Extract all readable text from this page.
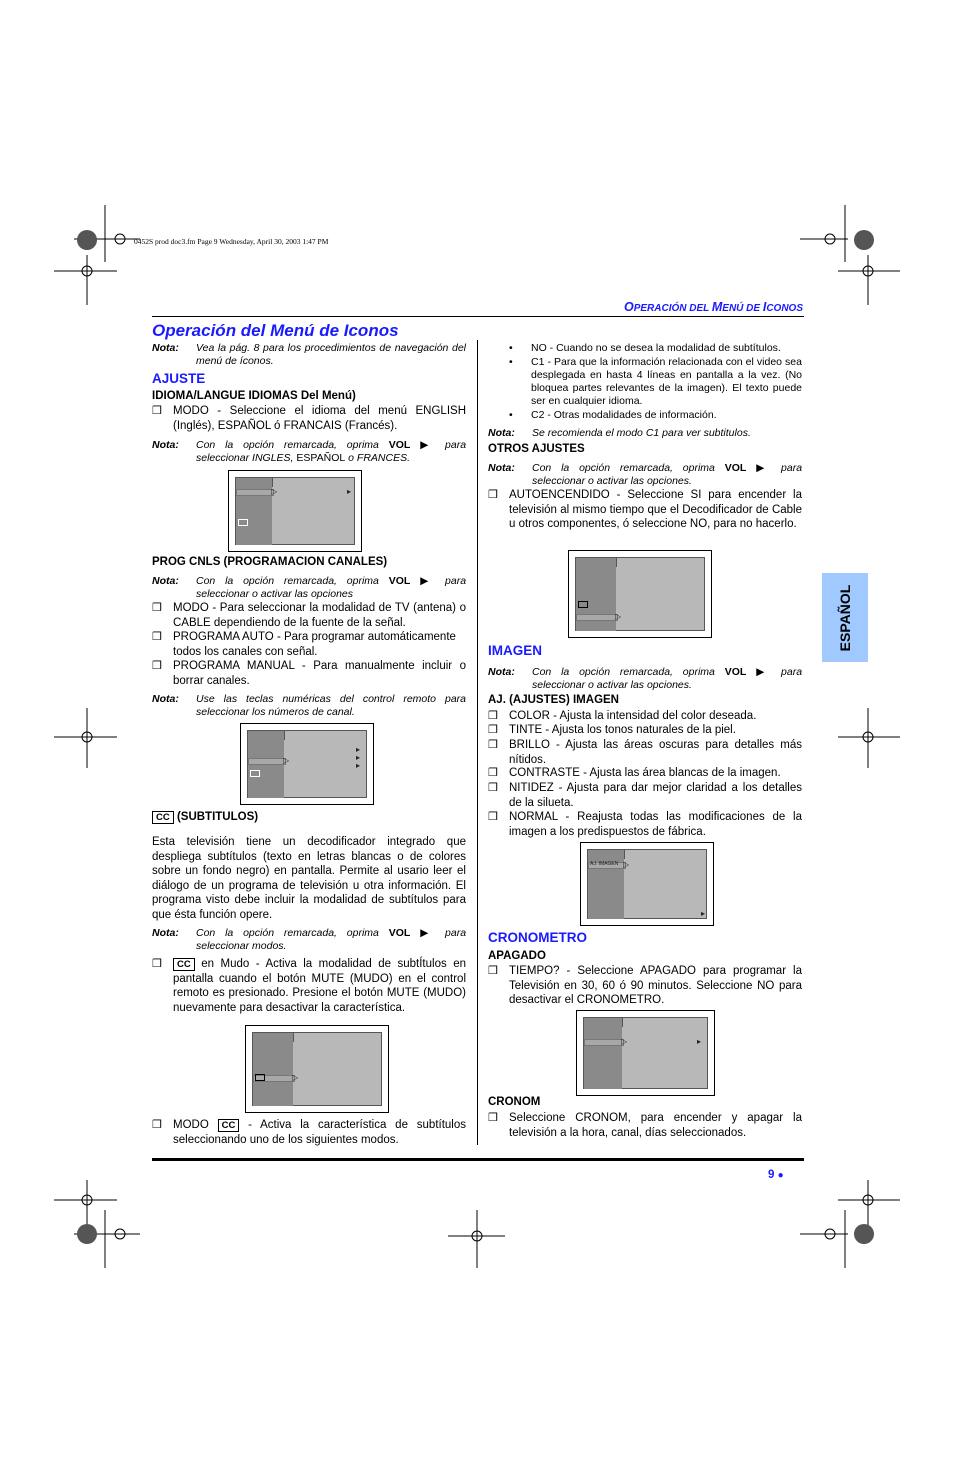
0452S prod doc3.fm Page 9 Wednesday, April 30, 2003 1:47 PM
OPERACIÓN DEL MENÚ DE ICONOS
Operación del Menú de Iconos
Nota: Vea la pág. 8 para los procedimientos de navegación del menú de íconos.
AJUSTE
IDIOMA/LANGUE IDIOMAS Del Menú)
❒ MODO - Seleccione el idioma del menú ENGLISH (Inglés), ESPAÑOL ó FRANCAIS (Francés).
Nota: Con la opción remarcada, oprima VOL ▶ para seleccionar INGLES, ESPAÑOL o FRANCES.
▷	▸
PROG CNLS (PROGRAMACION CANALES)
Nota: Con la opción remarcada, oprima VOL ▶ para seleccionar o activar las opciones
❒ MODO - Para seleccionar la modalidad de TV (antena) o CABLE dependiendo de la fuente de la señal.
❒ PROGRAMA AUTO - Para programar automáticamente todos los canales con señal.
❒ PROGRAMA MANUAL - Para manualmente incluir o borrar canales.
Nota: Use las teclas numéricas del control remoto para seleccionar los números de canal.
▷
▸
▸
▸
CC (SUBTITULOS)
Esta televisión tiene un decodificador integrado que despliega subtítulos (texto en letras blancas o de colores sobre un fondo negro) en pantalla. Permite al usario leer el diálogo de un programa de televisión u otra información. El programa visto debe incluir la modalidad de subtítulos para que ésta función opere.
Nota: Con la opción remarcada, oprima VOL ▶ para seleccionar modos.
❒	CC en Mudo - Activa la modalidad de subtÍtulos en pantalla cuando el botón MUTE (MUDO) en el control remoto es presionado. Presione el botón MUTE (MUDO) nuevamente para desactivar la característica.
▷
❒ MODO CC - Activa la característica de subtítulos seleccionando uno de los siguientes modos.
• NO - Cuando no se desea la modalidad de subtítulos.
• C1 - Para que la información relacionada con el video sea desplegada en hasta 4 líneas en pantalla a la vez. (No bloquea partes relevantes de la imagen). El texto puede ser en cualquier idioma.
• C2 - Otras modalidades de información.
Nota: Se recomienda el modo C1 para ver subtitulos.
OTROS AJUSTES
Nota: Con la opción remarcada, oprima VOL ▶ para seleccionar o activar las opciones.
❒ AUTOENCENDIDO - Seleccione SI para encender la televisión al mismo tiempo que el Decodificador de Cable u otros componentes, ó seleccione NO, para no hacerlo.
▷
IMAGEN
Nota: Con la opción remarcada, oprima VOL ▶ para seleccionar o activar las opciones.
AJ. (AJUSTES) IMAGEN
❒ COLOR - Ajusta la intensidad del color deseada.
❒ TINTE - Ajusta los tonos naturales de la piel.
❒ BRILLO - Ajusta las áreas oscuras para detalles más nítidos.
❒ CONTRASTE - Ajusta las área blancas de la imagen.
❒ NITIDEZ - Ajusta para dar mejor claridad a los detalles de la silueta.
❒ NORMAL - Reajusta todas las modificaciones de la imagen a los predispuestos de fábrica.
AJ. IMAGEN ▷
▸
CRONOMETRO
APAGADO
❒ TIEMPO? - Seleccione APAGADO para programar la Televisión en 30, 60 ó 90 minutos. Seleccione NO para desactivar el CRONOMETRO.
▷	▸
CRONOM
❒ Seleccione CRONOM, para encender y apagar la televisión a la hora, canal, días seleccionados.
ESPAÑOL
9 ●
